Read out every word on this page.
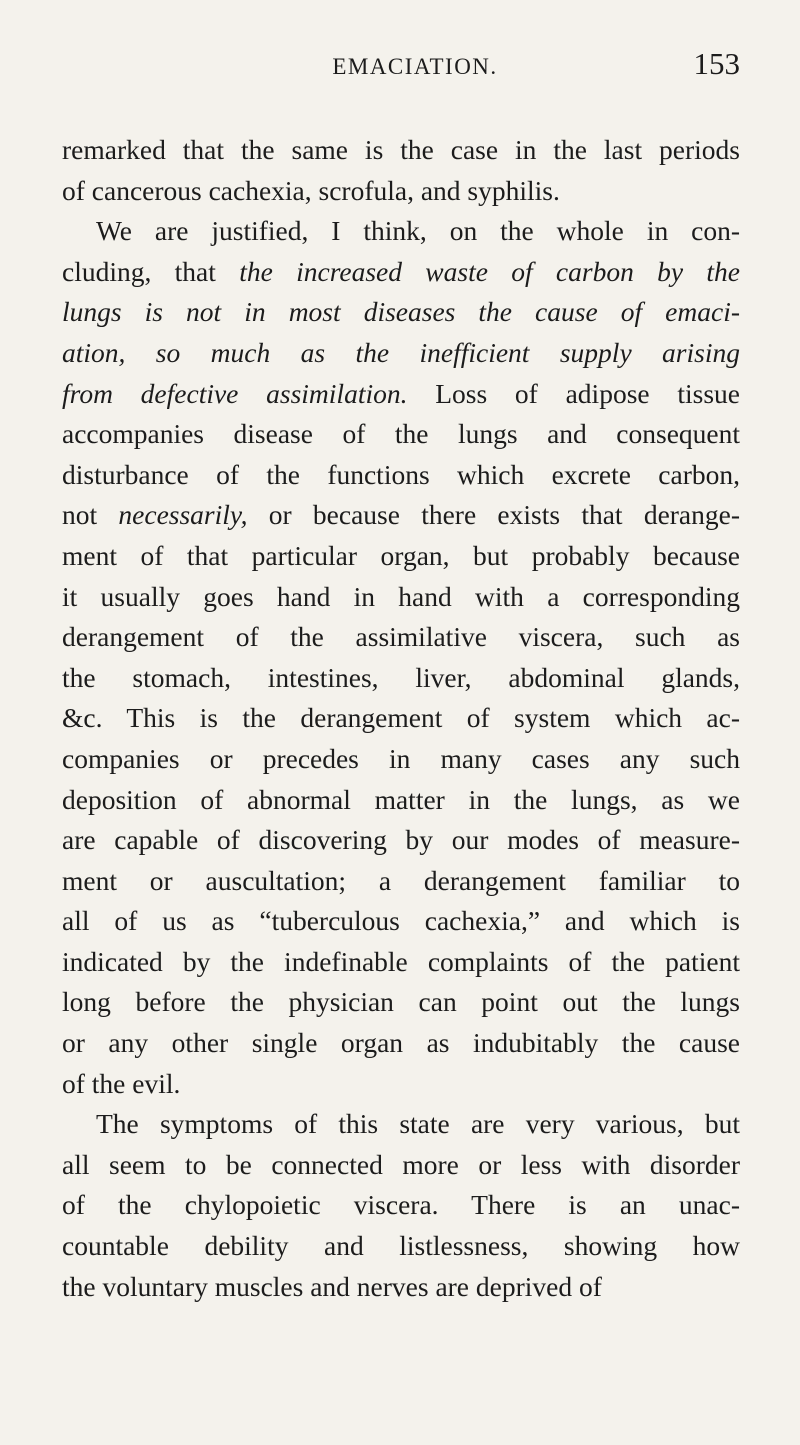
EMACIATION.	153
remarked that the same is the case in the last periods
of cancerous cachexia, scrofula, and syphilis.
We are justified, I think, on the whole in con-
cluding, that the increased waste of carbon by the
lungs is not in most diseases the cause of emaci-
ation, so much as the inefficient supply arising
from defective assimilation. Loss of adipose tissue
accompanies disease of the lungs and consequent
disturbance of the functions which excrete carbon,
not necessarily, or because there exists that derange-
ment of that particular organ, but probably because
it usually goes hand in hand with a corresponding
derangement of the assimilative viscera, such as
the stomach, intestines, liver, abdominal glands,
&c. This is the derangement of system which ac-
companies or precedes in many cases any such
deposition of abnormal matter in the lungs, as we
are capable of discovering by our modes of measure-
ment or auscultation; a derangement familiar to
all of us as “tuberculous cachexia,” and which is
indicated by the indefinable complaints of the patient
long before the physician can point out the lungs
or any other single organ as indubitably the cause
of the evil.
The symptoms of this state are very various, but
all seem to be connected more or less with disorder
of the chylopoietic viscera. There is an unac-
countable debility and listlessness, showing how
the voluntary muscles and nerves are deprived of
